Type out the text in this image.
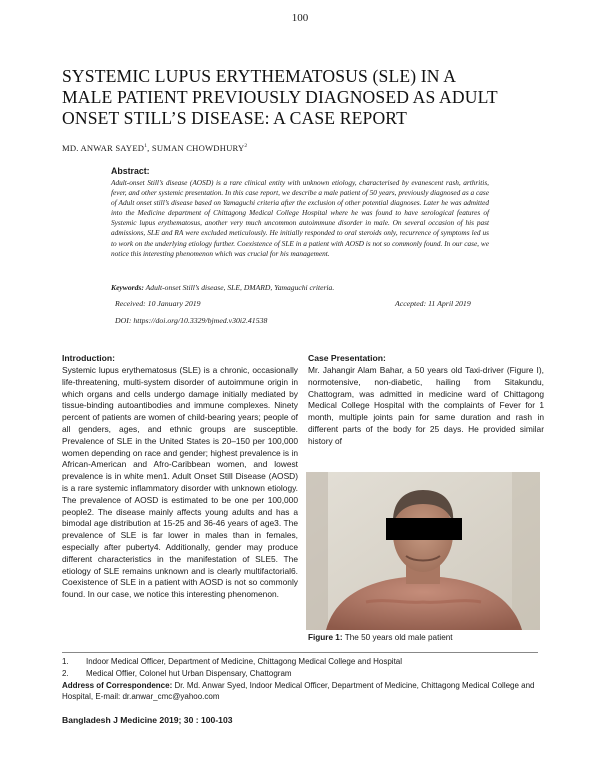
100
SYSTEMIC LUPUS ERYTHEMATOSUS (SLE) IN A
MALE PATIENT PREVIOUSLY DIAGNOSED AS ADULT
ONSET STILL’S DISEASE: A CASE REPORT
MD. ANWAR SAYED$^1$, SUMAN CHOWDHURY$^2$
Abstract:
Adult-onset Still’s disease (AOSD) is a rare clinical entity with unknown etiology, characterised by evanescent rash, arthritis, fever, and other systemic presentation. In this case report, we describe a male patient of 50 years, previously diagnosed as a case of Adult onset still’s disease based on Yamaguchi criteria after the exclusion of other potential diagnoses. Later he was admitted into the Medicine department of Chittagong Medical College Hospital where he was found to have serological features of Systemic lupus erythematosus, another very much uncommon autoimmune disorder in male. On several occasion of his past admissions, SLE and RA were excluded meticulously. He initially responded to oral steroids only, recurrence of symptoms led us to work on the underlying etiology further. Coexistence of SLE in a patient with AOSD is not so commonly found. In our case, we notice this interesting phenomenon which was crucial for his management.
Keywords: Adult-onset Still’s disease, SLE, DMARD, Yamaguchi criteria.
Received: 10 January 2019	Accepted: 11 April 2019
DOI: https://doi.org/10.3329/bjmed.v30i2.41538
Introduction:
Systemic lupus erythematosus (SLE) is a chronic, occasionally life-threatening, multi-system disorder of autoimmune origin in which organs and cells undergo damage initially mediated by tissue-binding autoantibodies and immune complexes. Ninety percent of patients are women of child-bearing years; people of all genders, ages, and ethnic groups are susceptible. Prevalence of SLE in the United States is 20–150 per 100,000 women depending on race and gender; highest prevalence is in African-American and Afro-Caribbean women, and lowest prevalence is in white men1. Adult Onset Still Disease (AOSD) is a rare systemic inflammatory disorder with unknown etiology. The prevalence of AOSD is estimated to be one per 100,000 people2. The disease mainly affects young adults and has a bimodal age distribution at 15-25 and 36-46 years of age3. The prevalence of SLE is far lower in males than in females, especially after puberty4. Additionally, gender may produce different characteristics in the manifestation of SLE5. The etiology of SLE remains unknown and is clearly multifactorial6. Coexistence of SLE in a patient with AOSD is not so commonly found. In our case, we notice this interesting phenomenon.
Case Presentation:
Mr. Jahangir Alam Bahar, a 50 years old Taxi-driver (Figure I), normotensive, non-diabetic, hailing from Sitakundu, Chattogram, was admitted in medicine ward of Chittagong Medical College Hospital with the complaints of Fever for 1 month, multiple joints pain for same duration and rash in different parts of the body for 25 days. He provided similar history of
Figure 1: The 50 years old male patient
1. Indoor Medical Officer, Department of Medicine, Chittagong Medical College and Hospital
2. Medical Offier, Colonel hut Urban Dispensary, Chattogram
Address of Correspondence: Dr. Md. Anwar Syed, Indoor Medical Officer, Department of Medicine, Chittagong Medical College and Hospital, E-mail: dr.anwar_cmc@yahoo.com
Bangladesh J Medicine 2019; 30 : 100-103
